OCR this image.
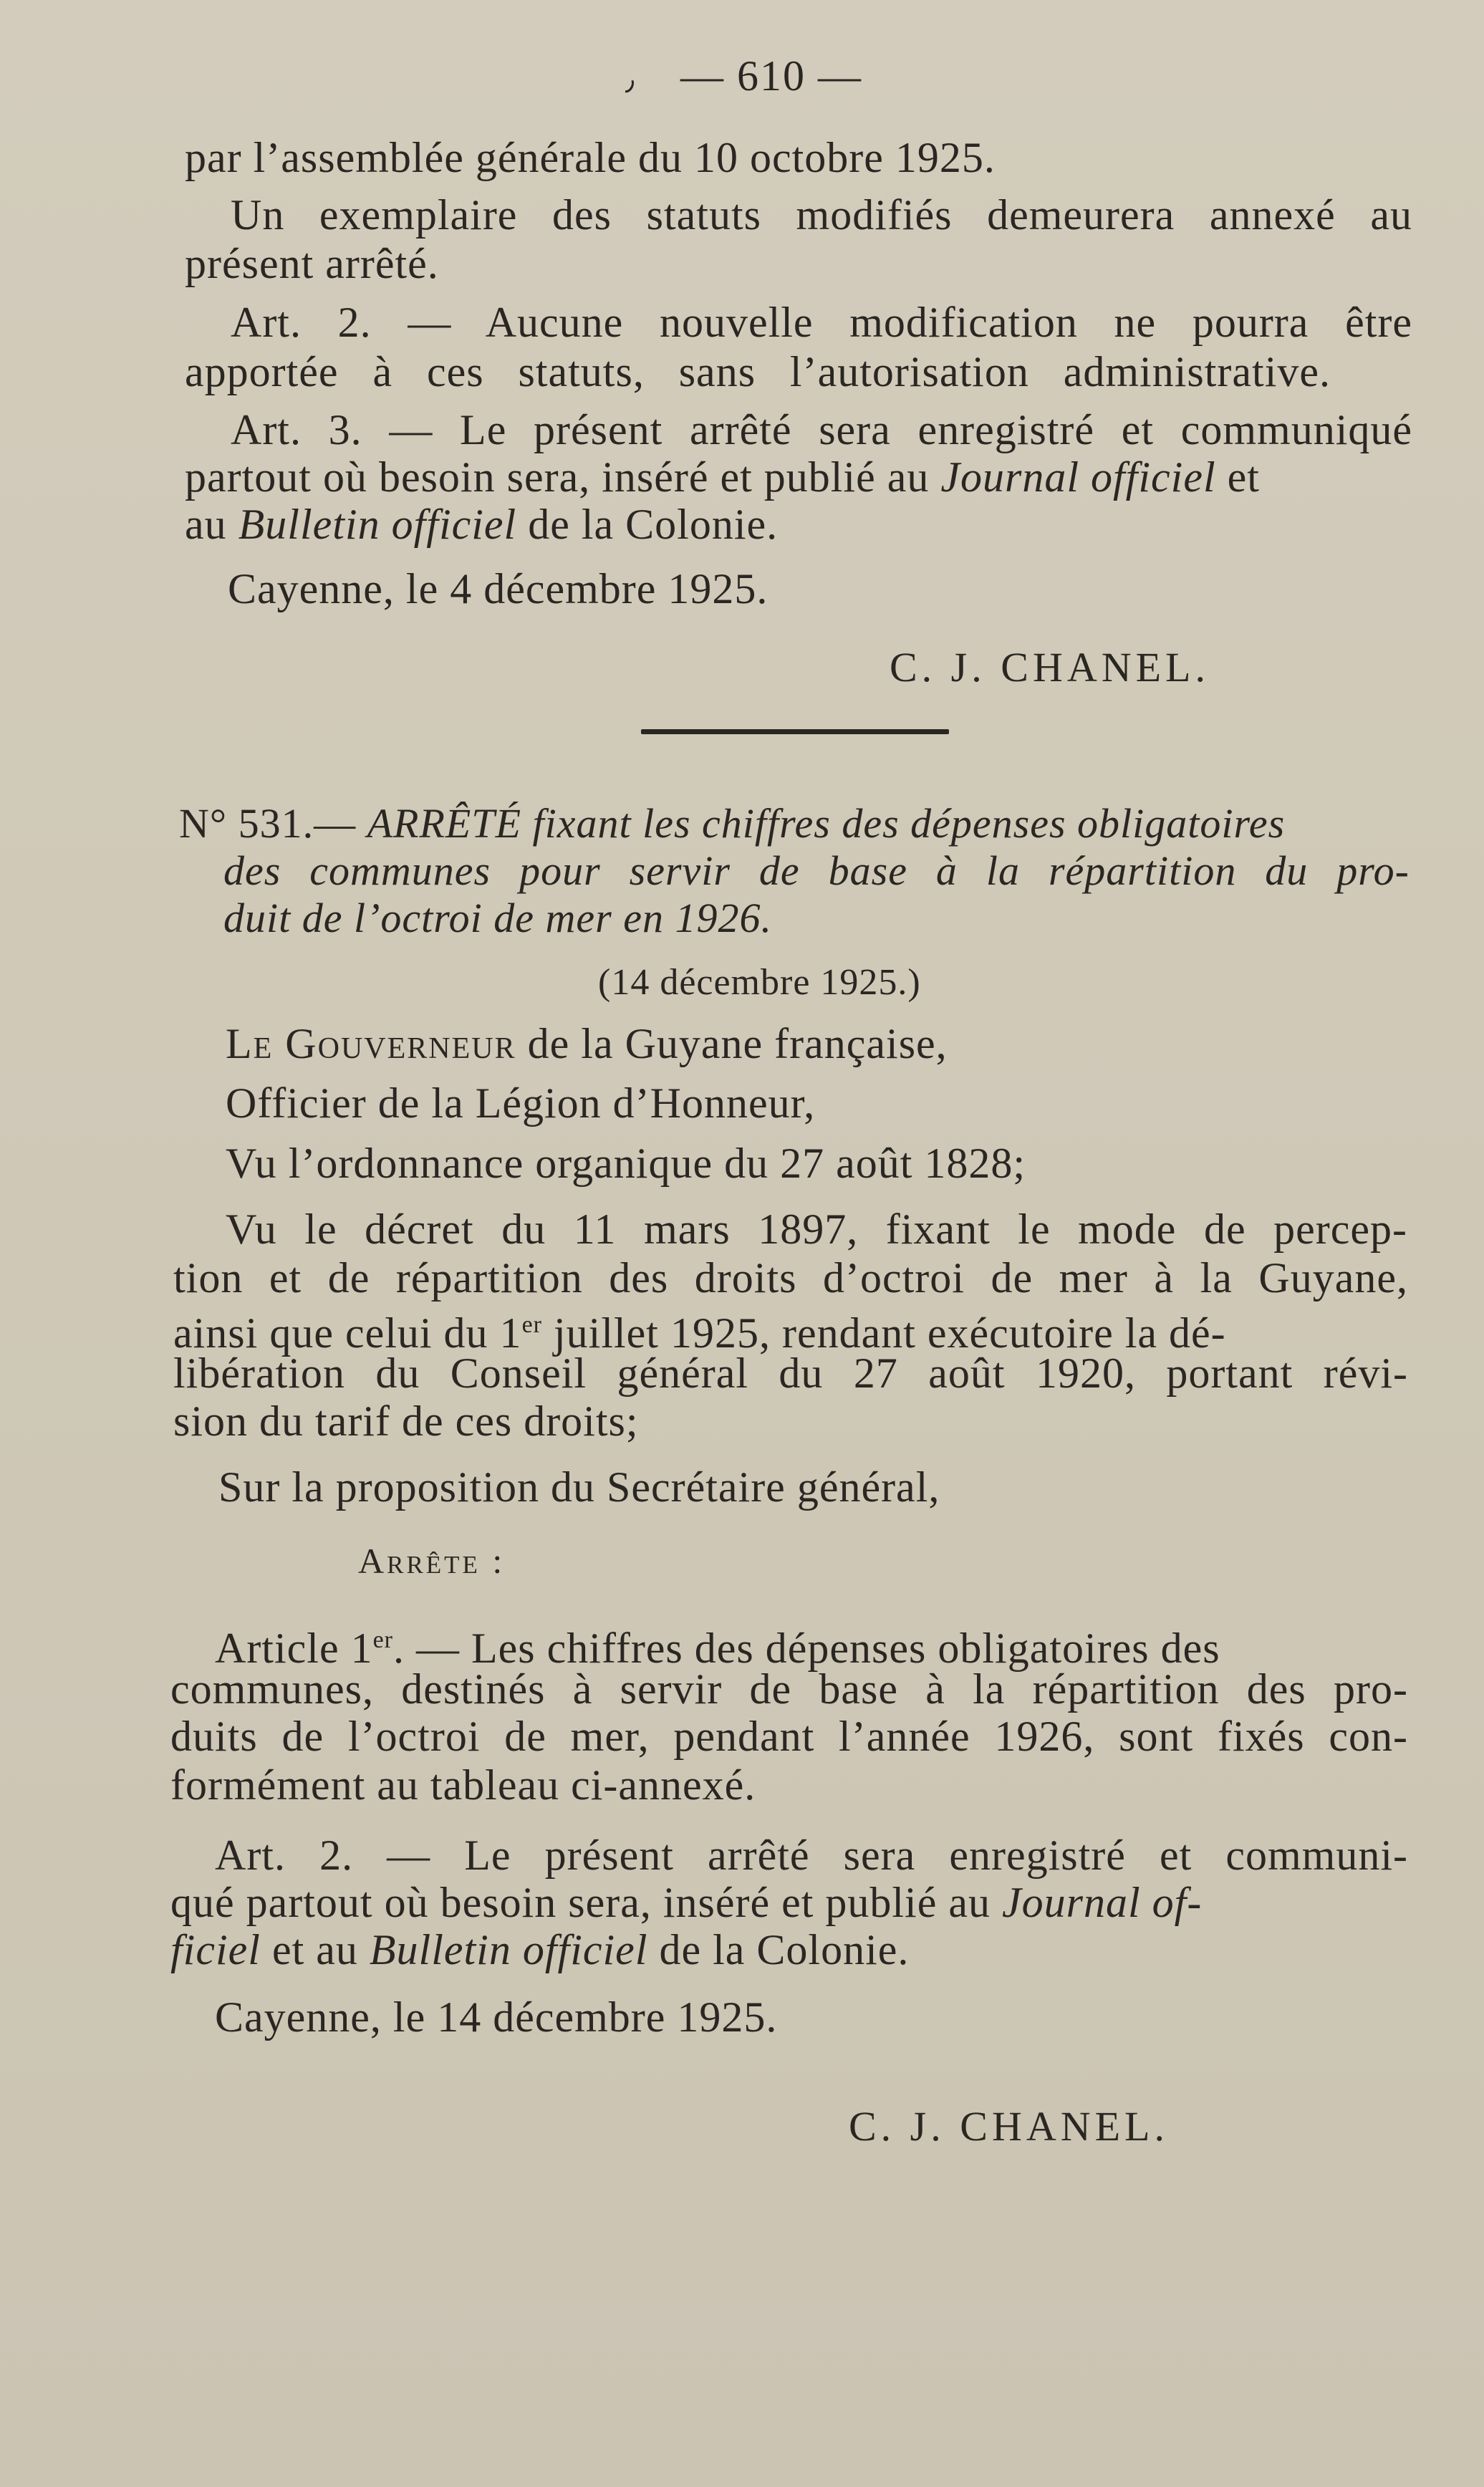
٫ — 610 —
par l’assemblée générale du 10 octobre 1925.
Un exemplaire des statuts modifiés demeurera annexé au
présent arrêté.
Art. 2. — Aucune nouvelle modification ne pourra être
apportée à ces statuts, sans l’autorisation administrative.
Art. 3. — Le présent arrêté sera enregistré et communiqué
partout où besoin sera, inséré et publié au Journal officiel et
au Bulletin officiel de la Colonie.
Cayenne, le 4 décembre 1925.
C. J. CHANEL.
N° 531.— ARRÊTÉ fixant les chiffres des dépenses obligatoires
des communes pour servir de base à la répartition du pro-
duit de l’octroi de mer en 1926.
(14 décembre 1925.)
Le Gouverneur de la Guyane française,
Officier de la Légion d’Honneur,
Vu l’ordonnance organique du 27 août 1828;
Vu le décret du 11 mars 1897, fixant le mode de percep-
tion et de répartition des droits d’octroi de mer à la Guyane,
ainsi que celui du 1er juillet 1925, rendant exécutoire la dé-
libération du Conseil général du 27 août 1920, portant révi-
sion du tarif de ces droits;
Sur la proposition du Secrétaire général,
Arrête :
Article 1er. — Les chiffres des dépenses obligatoires des
communes, destinés à servir de base à la répartition des pro-
duits de l’octroi de mer, pendant l’année 1926, sont fixés con-
formément au tableau ci-annexé.
Art. 2. — Le présent arrêté sera enregistré et communi-
qué partout où besoin sera, inséré et publié au Journal of-
ficiel et au Bulletin officiel de la Colonie.
Cayenne, le 14 décembre 1925.
C. J. CHANEL.
